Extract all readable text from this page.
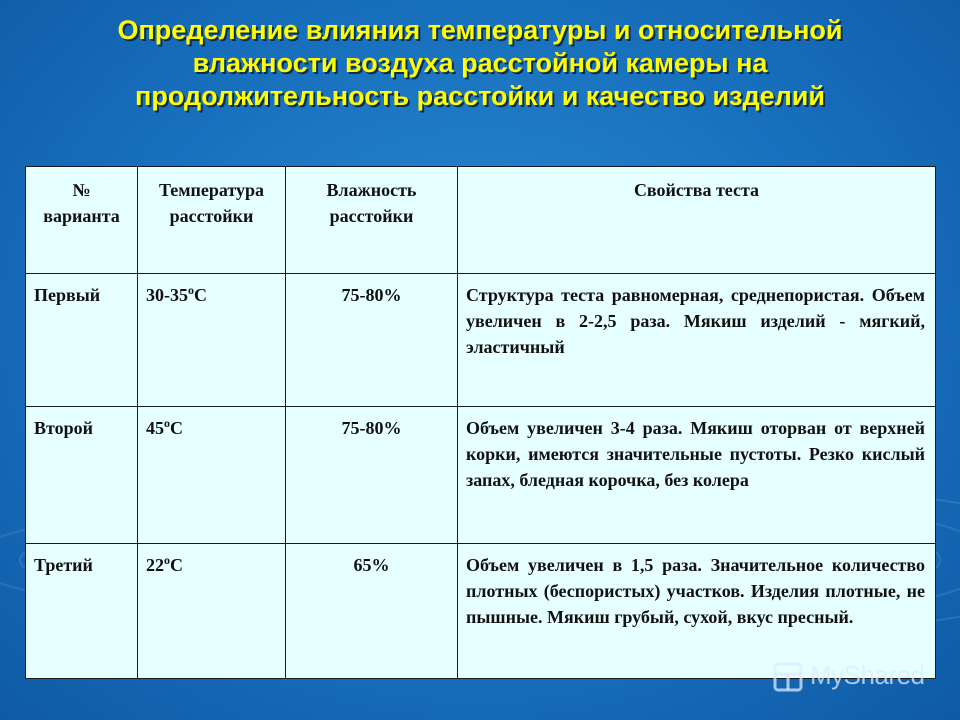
Определение влияния температуры и относительной влажности воздуха расстойной камеры на продолжительность расстойки и качество изделий
№ варианта	Температура расстойки	Влажность расстойки	Свойства теста
Первый	$30-35^оС$	75-80%	Структура теста равномерная, среднепористая. Объем увеличен в 2-2,5 раза. Мякиш изделий - мягкий, эластичный
Второй	$45^оС$	75-80%	Объем увеличен 3-4 раза. Мякиш оторван от верхней корки, имеются значительные пустоты. Резко кислый запах, бледная корочка, без колера
Третий	$22^оС$	65%	Объем увеличен в 1,5 раза. Значительное количество плотных (беспористых) участков. Изделия плотные, не пышные. Мякиш грубый, сухой, вкус пресный.
MyShared
